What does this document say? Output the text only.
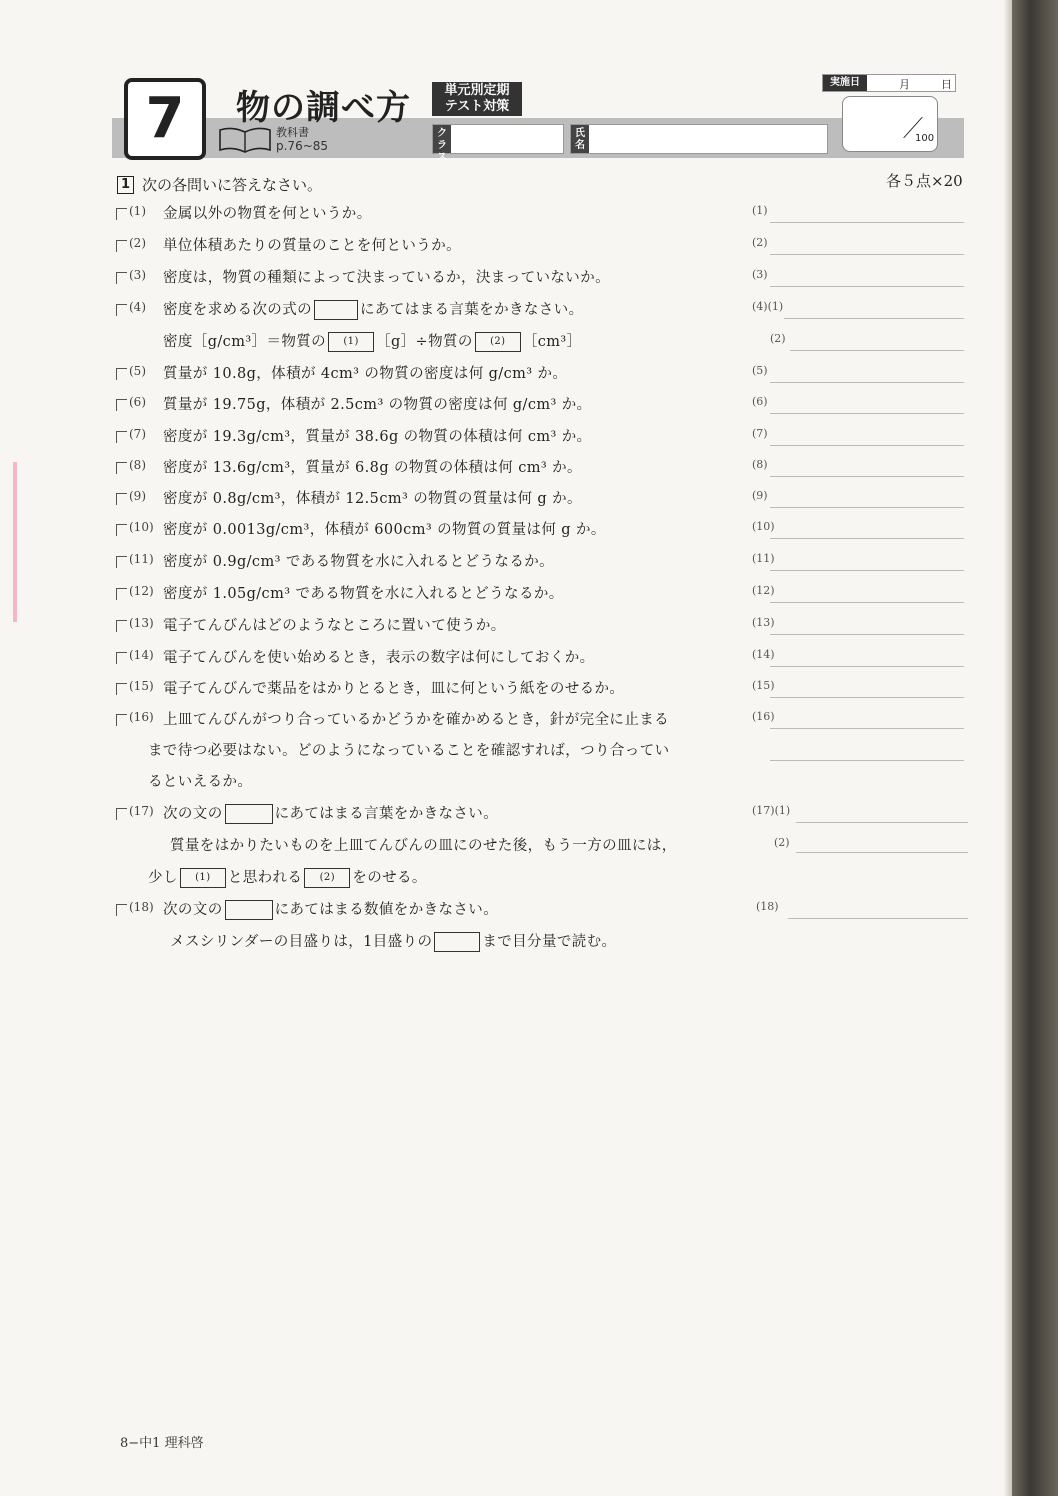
7 物の調べ方	単元別定期
テスト対策
教科書
p.76~85
クラス
氏名
実施日	月	日
100
1 次の各問いに答えなさい。	各５点×20
(1) 金属以外の物質を何というか。	(1)
(2) 単位体積あたりの質量のことを何というか。	(2)
(3) 密度は，物質の種類によって決まっているか，決まっていないか。	(3)
(4) 密度を求める次の式の	にあてはまる言葉をかきなさい。	(4)(1)
密度［g/cm³］＝物質の (1) ［g］÷物質の (2) ［cm³］	(2)
(5) 質量が 10.8g，体積が 4cm³ の物質の密度は何 g/cm³ か。	(5)
(6) 質量が 19.75g，体積が 2.5cm³ の物質の密度は何 g/cm³ か。	(6)
(7) 密度が 19.3g/cm³，質量が 38.6g の物質の体積は何 cm³ か。	(7)
(8) 密度が 13.6g/cm³，質量が 6.8g の物質の体積は何 cm³ か。	(8)
(9) 密度が 0.8g/cm³，体積が 12.5cm³ の物質の質量は何 g か。	(9)
(10) 密度が 0.0013g/cm³，体積が 600cm³ の物質の質量は何 g か。	(10)
(11) 密度が 0.9g/cm³ である物質を水に入れるとどうなるか。	(11)
(12) 密度が 1.05g/cm³ である物質を水に入れるとどうなるか。	(12)
(13) 電子てんびんはどのようなところに置いて使うか。	(13)
(14) 電子てんびんを使い始めるとき，表示の数字は何にしておくか。	(14)
(15) 電子てんびんで薬品をはかりとるとき，皿に何という紙をのせるか。	(15)
(16) 上皿てんびんがつり合っているかどうかを確かめるとき，針が完全に止まる	(16)
まで待つ必要はない。どのようになっていることを確認すれば，つり合ってい
るといえるか。
(17) 次の文の	にあてはまる言葉をかきなさい。	(17)(1)
質量をはかりたいものを上皿てんびんの皿にのせた後，もう一方の皿には，	(2)
少し (1) と思われる (2) をのせる。
(18) 次の文の	にあてはまる数値をかきなさい。	(18)
メスシリンダーの目盛りは，1目盛りの	まで目分量で読む。
8−中1 理科啓
